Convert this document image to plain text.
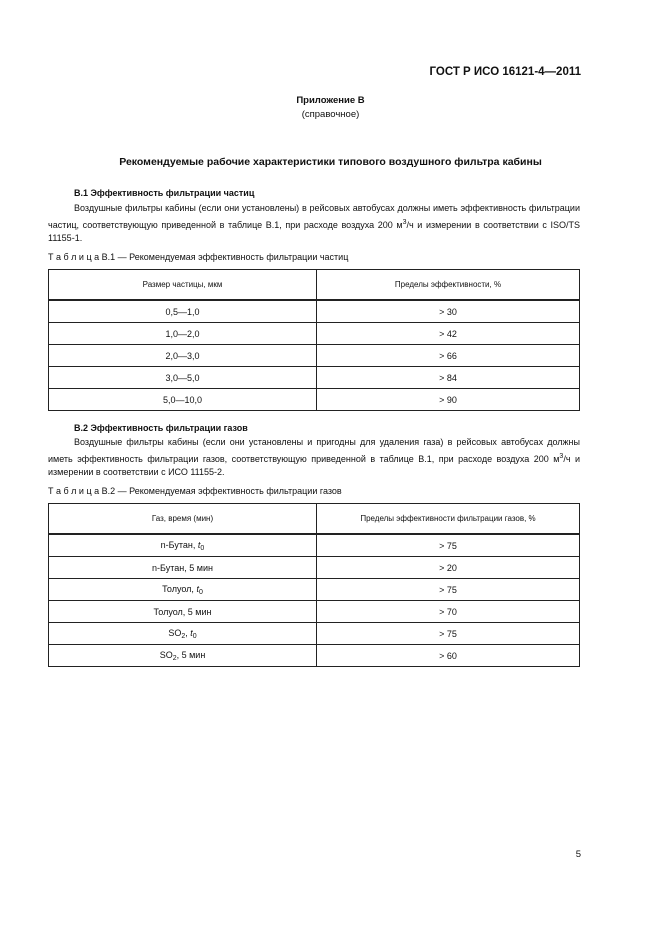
ГОСТ Р ИСО 16121-4—2011
Приложение В
(справочное)
Рекомендуемые рабочие характеристики типового воздушного фильтра кабины
В.1 Эффективность фильтрации частиц
Воздушные фильтры кабины (если они установлены) в рейсовых автобусах должны иметь эффективность фильтрации частиц, соответствующую приведенной в таблице В.1, при расходе воздуха 200 $м^3/ч$ и измерении в соответствии с ISO/TS 11155-1.
Т а б л и ц а В.1 — Рекомендуемая эффективность фильтрации частиц
Размер частицы, мкм	Пределы эффективности, %
0,5—1,0	> 30
1,0—2,0	> 42
2,0—3,0	> 66
3,0—5,0	> 84
5,0—10,0	> 90
В.2 Эффективность фильтрации газов
Воздушные фильтры кабины (если они установлены и пригодны для удаления газа) в рейсовых автобусах должны иметь эффективность фильтрации газов, соответствующую приведенной в таблице В.1, при расходе воздуха 200 $м^3/ч$ и измерении в соответствии с ИСО 11155-2.
Т а б л и ц а В.2 — Рекомендуемая эффективность фильтрации газов
Газ, время (мин)	Пределы эффективности фильтрации газов, %
n-Бутан, $t_0$	> 75
n-Бутан, 5 мин	> 20
Толуол, $t_0$	> 75
Толуол, 5 мин	> 70
$SO_2$, $t_0$	> 75
$SO_2$, 5 мин	> 60
5
